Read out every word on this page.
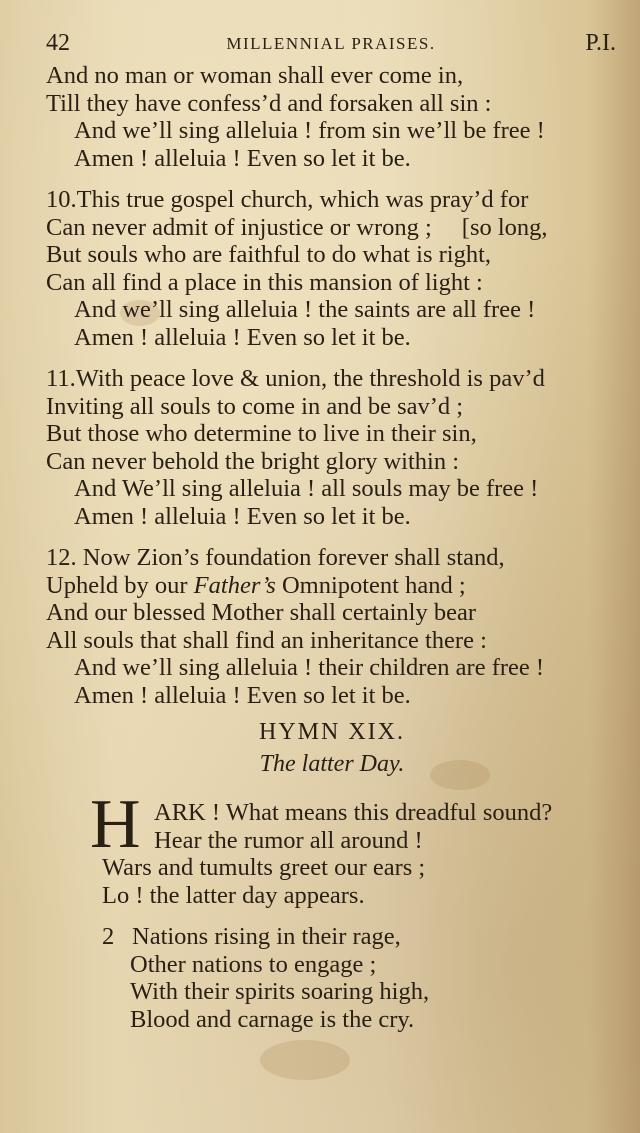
42	MILLENNIAL PRAISES.	P.I.
And no man or woman shall ever come in,
Till they have confess’d and forsaken all sin :
And we’ll sing alleluia ! from sin we’ll be free !
Amen ! alleluia ! Even so let it be.
10.This true gospel church, which was pray’d for
Can never admit of injustice or wrong ; [so long,
But souls who are faithful to do what is right,
Can all find a place in this mansion of light :
And we’ll sing alleluia ! the saints are all free !
Amen ! alleluia ! Even so let it be.
11.With peace love & union, the threshold is pav’d
Inviting all souls to come in and be sav’d ;
But those who determine to live in their sin,
Can never behold the bright glory within :
And We’ll sing alleluia ! all souls may be free !
Amen ! alleluia ! Even so let it be.
12. Now Zion’s foundation forever shall stand,
Upheld by our Father’s Omnipotent hand ;
And our blessed Mother shall certainly bear
All souls that shall find an inheritance there :
And we’ll sing alleluia ! their children are free !
Amen ! alleluia ! Even so let it be.
HYMN XIX.
The latter Day.
H ARK ! What means this dreadful sound?
Hear the rumor all around !
Wars and tumults greet our ears ;
Lo ! the latter day appears.
2 Nations rising in their rage,
Other nations to engage ;
With their spirits soaring high,
Blood and carnage is the cry.
